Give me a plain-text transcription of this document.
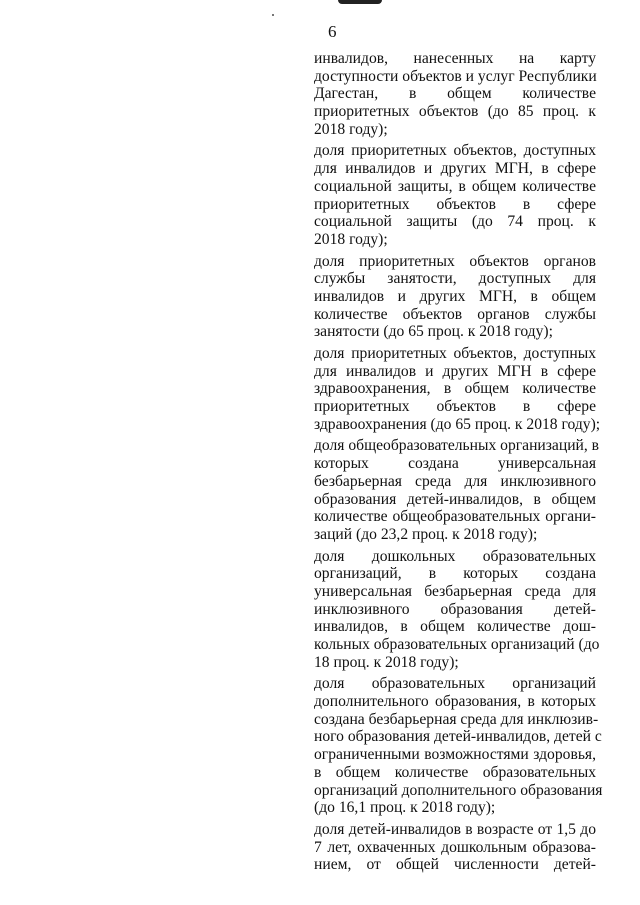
6
инвалидов, нанесенных на карту
доступности объектов и услуг Республики
Дагестан, в общем количестве
приоритетных объектов (до 85 проц. к
2018 году);
доля приоритетных объектов, доступных
для инвалидов и других МГН, в сфере
социальной защиты, в общем количестве
приоритетных объектов в сфере
социальной защиты (до 74 проц. к
2018 году);
доля приоритетных объектов органов
службы занятости, доступных для
инвалидов и других МГН, в общем
количестве объектов органов службы
занятости (до 65 проц. к 2018 году);
доля приоритетных объектов, доступных
для инвалидов и других МГН в сфере
здравоохранения, в общем количестве
приоритетных объектов в сфере
здравоохранения (до 65 проц. к 2018 году);
доля общеобразовательных организаций, в
которых создана универсальная
безбарьерная среда для инклюзивного
образования детей-инвалидов, в общем
количестве общеобразовательных органи-
заций (до 23,2 проц. к 2018 году);
доля дошкольных образовательных
организаций, в которых создана
универсальная безбарьерная среда для
инклюзивного образования детей-
инвалидов, в общем количестве дош-
кольных образовательных организаций (до
18 проц. к 2018 году);
доля образовательных организаций
дополнительного образования, в которых
создана безбарьерная среда для инклюзив-
ного образования детей-инвалидов, детей с
ограниченными возможностями здоровья,
в общем количестве образовательных
организаций дополнительного образования
(до 16,1 проц. к 2018 году);
доля детей-инвалидов в возрасте от 1,5 до
7 лет, охваченных дошкольным образова-
нием, от общей численности детей-
